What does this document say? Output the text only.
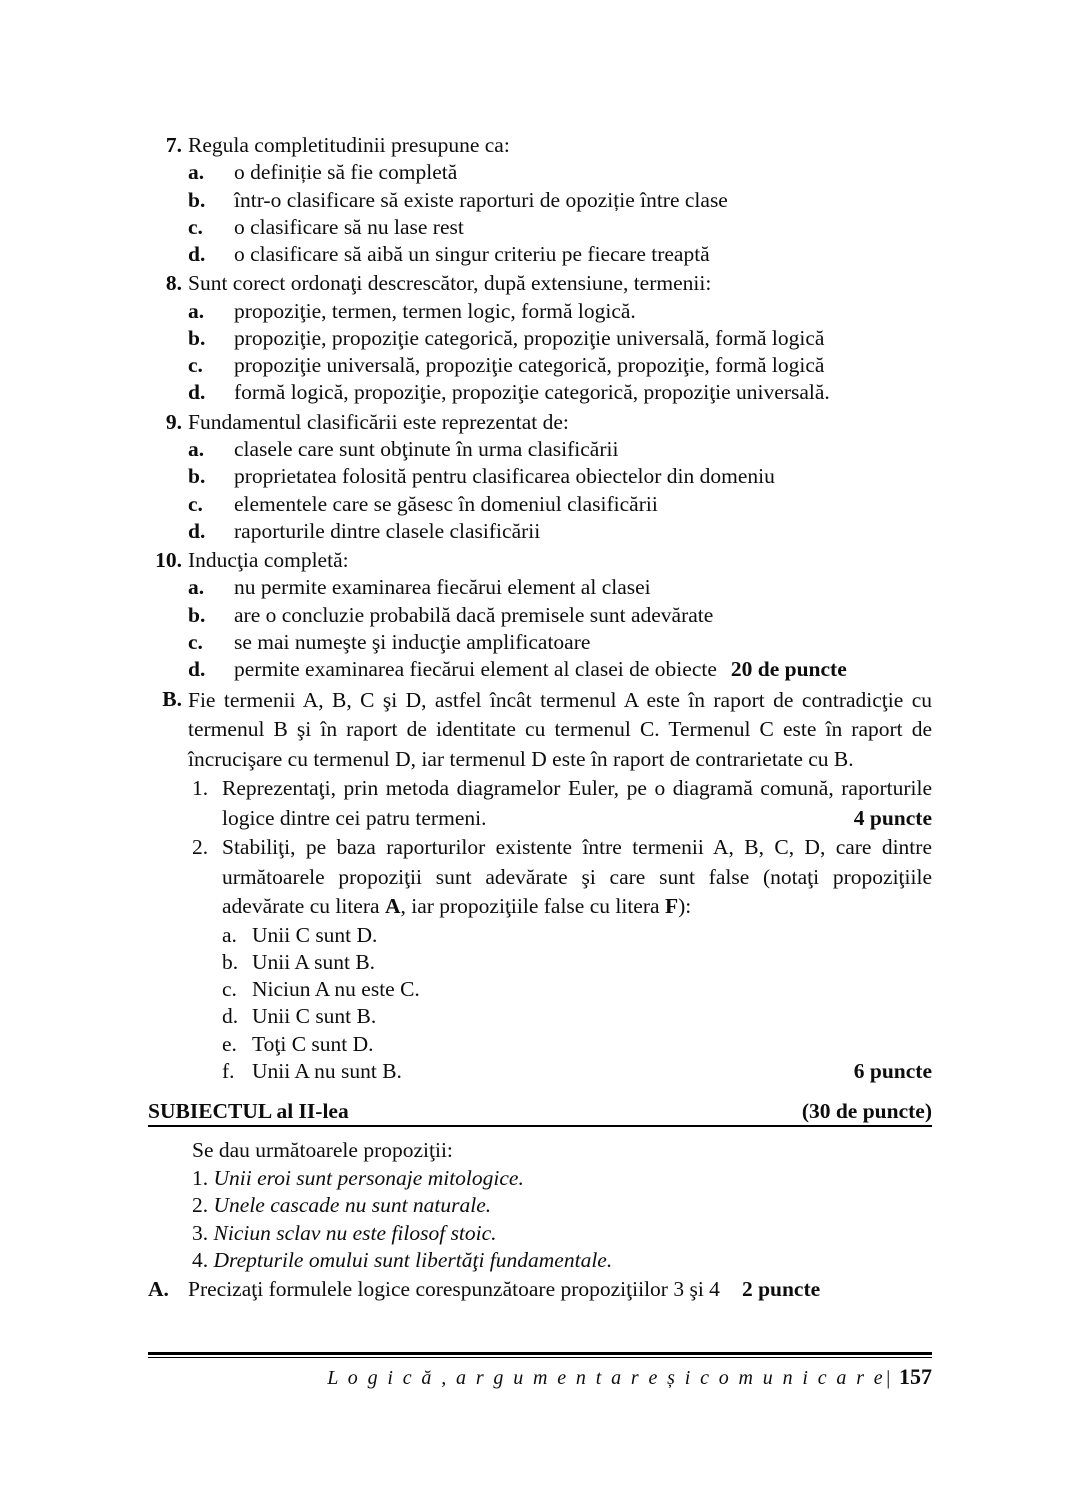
7. Regula completitudinii presupune ca:
a.	o definiție să fie completă
b.	într-o clasificare să existe raporturi de opoziție între clase
c.	o clasificare să nu lase rest
d.	o clasificare să aibă un singur criteriu pe fiecare treaptă
8. Sunt corect ordonaţi descrescător, după extensiune, termenii:
a.	propoziţie, termen, termen logic, formă logică.
b.	propoziţie, propoziţie categorică, propoziţie universală, formă logică
c.	propoziţie universală, propoziţie categorică, propoziţie, formă logică
d.	formă logică, propoziţie, propoziţie categorică, propoziţie universală.
9. Fundamentul clasificării este reprezentat de:
a.	clasele care sunt obţinute în urma clasificării
b.	proprietatea folosită pentru clasificarea obiectelor din domeniu
c.	elementele care se găsesc în domeniul clasificării
d.	raporturile dintre clasele clasificării
10. Inducţia completă:
a.	nu permite examinarea fiecărui element al clasei
b.	are o concluzie probabilă dacă premisele sunt adevărate
c.	se mai numeşte şi inducţie amplificatoare
d.	permite examinarea fiecărui element al clasei de obiecte 20 de puncte
B. Fie termenii A, B, C şi D, astfel încât termenul A este în raport de contradicţie cu termenul B şi în raport de identitate cu termenul C. Termenul C este în raport de încrucişare cu termenul D, iar termenul D este în raport de contrarietate cu B.
1. Reprezentaţi, prin metoda diagramelor Euler, pe o diagramă comună, raporturile logice dintre cei patru termeni.	4 puncte
2. Stabiliţi, pe baza raporturilor existente între termenii A, B, C, D, care dintre următoarele propoziţii sunt adevărate şi care sunt false (notaţi propoziţiile adevărate cu litera A, iar propoziţiile false cu litera F):
a. Unii C sunt D.
b. Unii A sunt B.
c. Niciun A nu este C.
d. Unii C sunt B.
e. Toţi C sunt D.
f. Unii A nu sunt B.	6 puncte
SUBIECTUL al II-lea	(30 de puncte)
Se dau următoarele propoziţii:
1. Unii eroi sunt personaje mitologice.
2. Unele cascade nu sunt naturale.
3. Niciun sclav nu este filosof stoic.
4. Drepturile omului sunt libertăţi fundamentale.
A. Precizaţi formulele logice corespunzătoare propoziţiilor 3 şi 4 2 puncte
L o g i c ă , a r g u m e n t a r e ș i c o m u n i c a r e| 157
